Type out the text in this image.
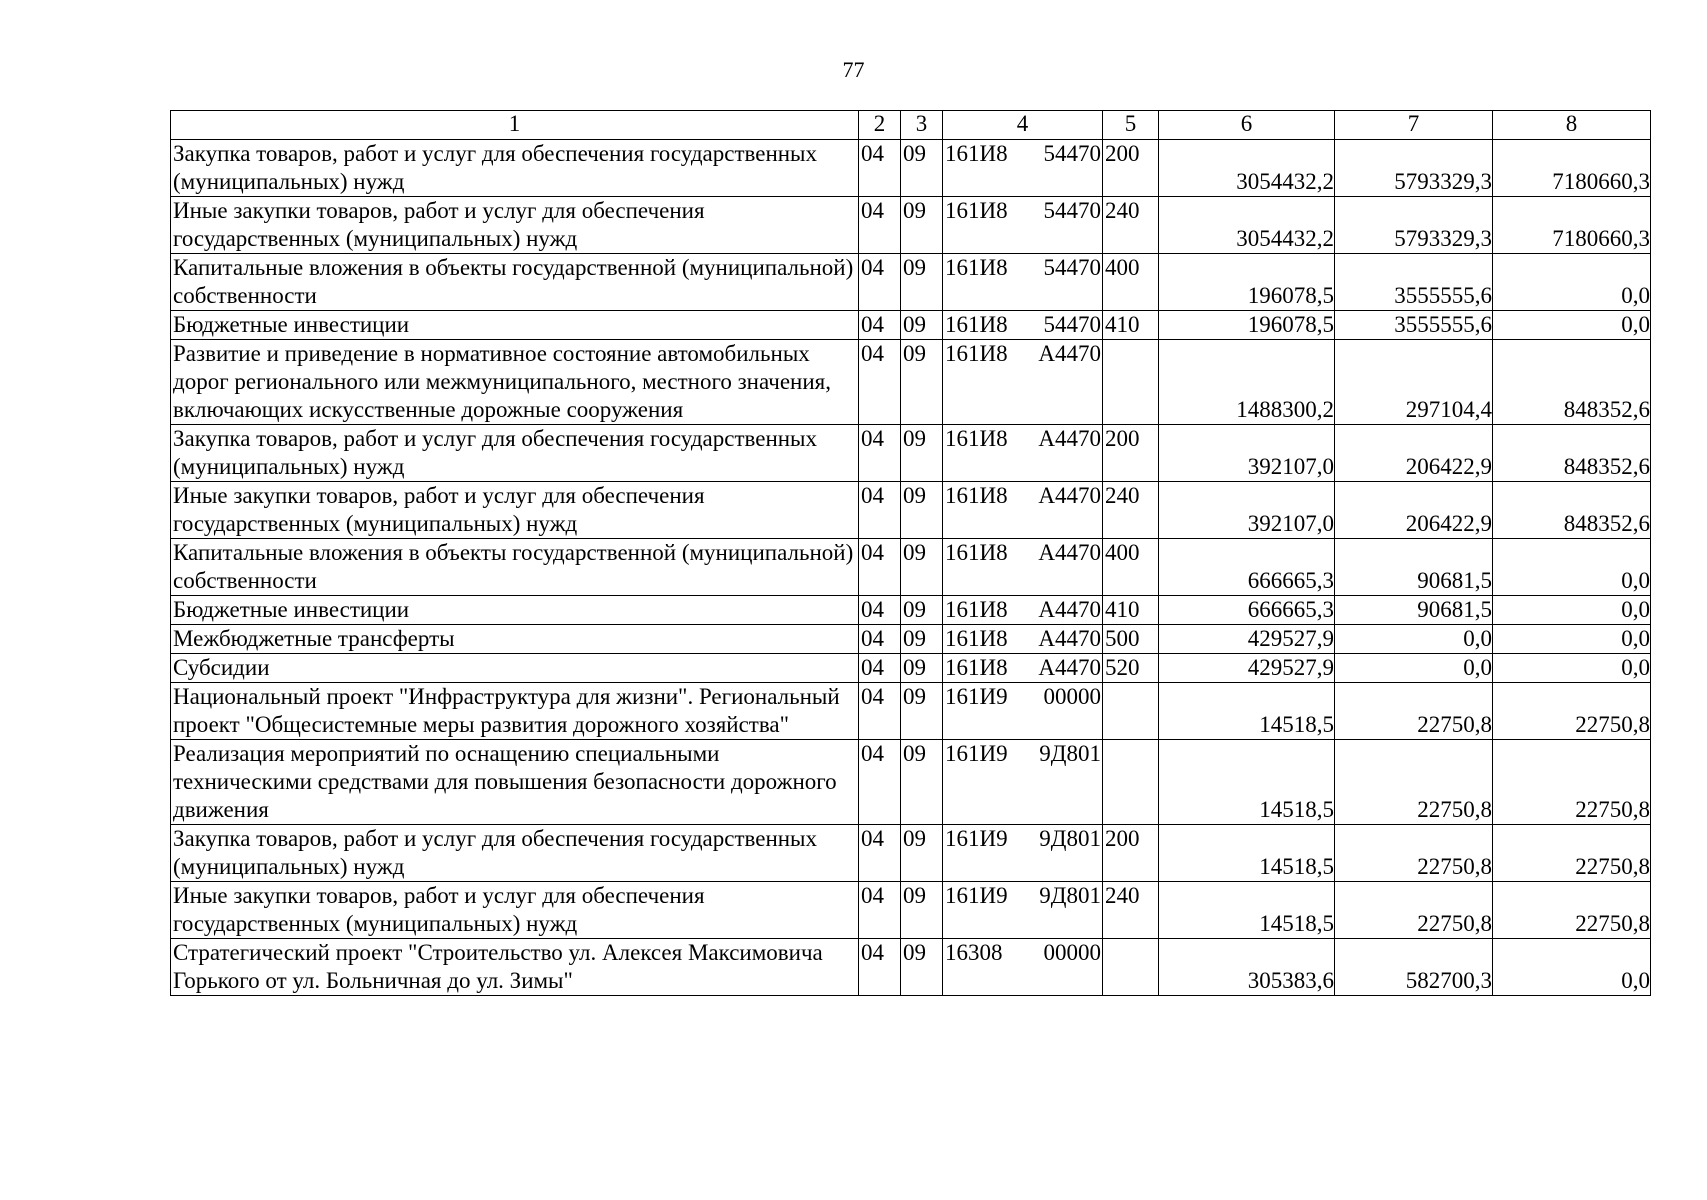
77
1	2	3	4	5	6	7	8
Закупка товаров, работ и услуг для обеспечения государственных (муниципальных) нужд	04	09	161И8 54470	200	3054432,2	5793329,3	7180660,3
Иные закупки товаров, работ и услуг для обеспечения государственных (муниципальных) нужд	04	09	161И8 54470	240	3054432,2	5793329,3	7180660,3
Капитальные вложения в объекты государственной (муниципальной) собственности	04	09	161И8 54470	400	196078,5	3555555,6	0,0
Бюджетные инвестиции	04	09	161И8 54470	410	196078,5	3555555,6	0,0
Развитие и приведение в нормативное состояние автомобильных дорог регионального или межмуниципального, местного значения, включающих искусственные дорожные сооружения	04	09	161И8 А4470		1488300,2	297104,4	848352,6
Закупка товаров, работ и услуг для обеспечения государственных (муниципальных) нужд	04	09	161И8 А4470	200	392107,0	206422,9	848352,6
Иные закупки товаров, работ и услуг для обеспечения государственных (муниципальных) нужд	04	09	161И8 А4470	240	392107,0	206422,9	848352,6
Капитальные вложения в объекты государственной (муниципальной) собственности	04	09	161И8 А4470	400	666665,3	90681,5	0,0
Бюджетные инвестиции	04	09	161И8 А4470	410	666665,3	90681,5	0,0
Межбюджетные трансферты	04	09	161И8 А4470	500	429527,9	0,0	0,0
Субсидии	04	09	161И8 А4470	520	429527,9	0,0	0,0
Национальный проект "Инфраструктура для жизни". Региональный проект "Общесистемные меры развития дорожного хозяйства"	04	09	161И9 00000		14518,5	22750,8	22750,8
Реализация мероприятий по оснащению специальными техническими средствами для повышения безопасности дорожного движения	04	09	161И9 9Д801		14518,5	22750,8	22750,8
Закупка товаров, работ и услуг для обеспечения государственных (муниципальных) нужд	04	09	161И9 9Д801	200	14518,5	22750,8	22750,8
Иные закупки товаров, работ и услуг для обеспечения государственных (муниципальных) нужд	04	09	161И9 9Д801	240	14518,5	22750,8	22750,8
Стратегический проект "Строительство ул. Алексея Максимовича Горького от ул. Больничная до ул. Зимы"	04	09	16308 00000		305383,6	582700,3	0,0
